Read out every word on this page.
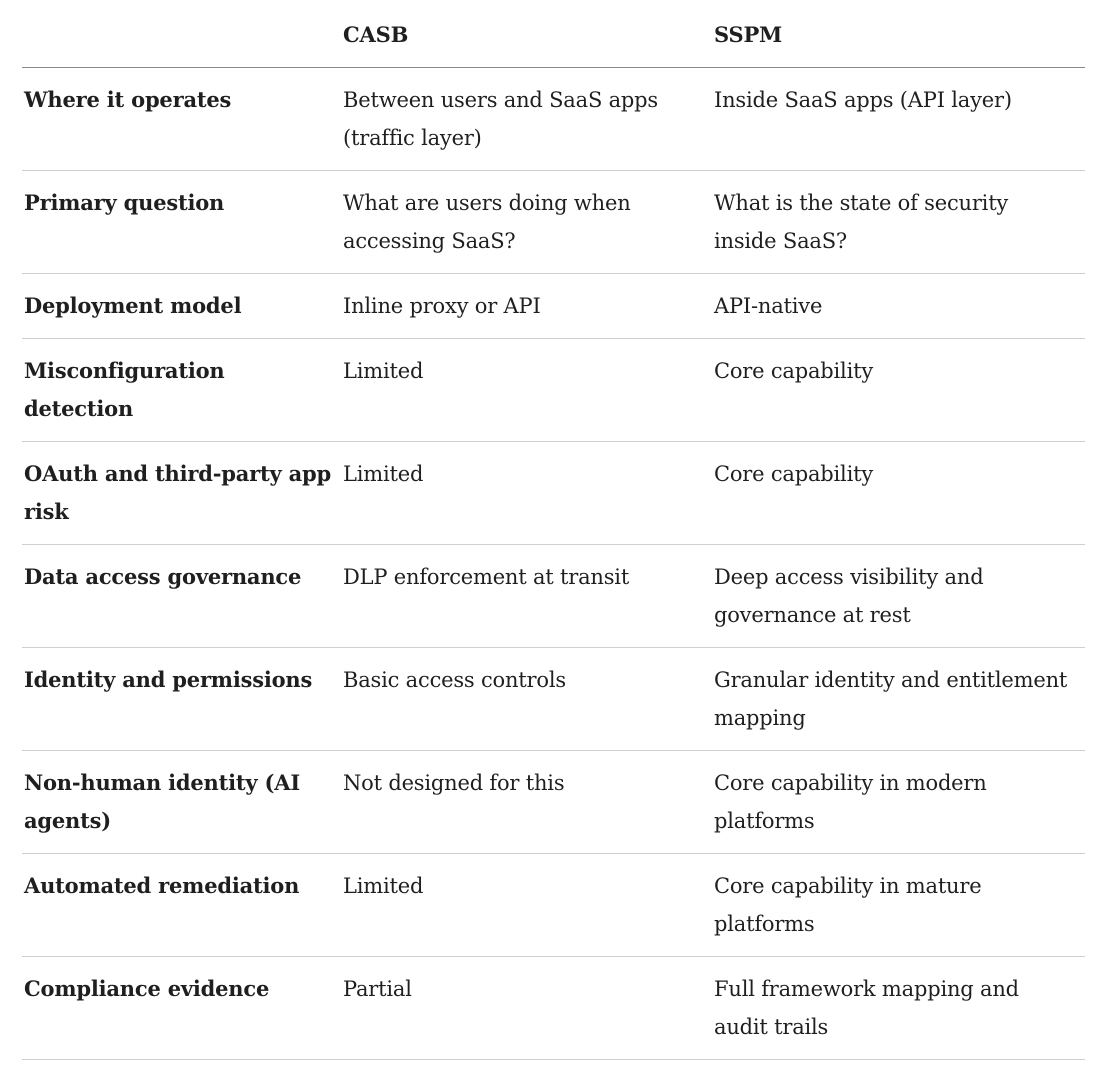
	CASB	SSPM
Where it operates	Between users and SaaS apps (traffic layer)	Inside SaaS apps (API layer)
Primary question	What are users doing when accessing SaaS?	What is the state of security inside SaaS?
Deployment model	Inline proxy or API	API-native
Misconfiguration detection	Limited	Core capability
OAuth and third-party app risk	Limited	Core capability
Data access governance	DLP enforcement at transit	Deep access visibility and governance at rest
Identity and permissions	Basic access controls	Granular identity and entitlement mapping
Non-human identity (AI agents)	Not designed for this	Core capability in modern platforms
Automated remediation	Limited	Core capability in mature platforms
Compliance evidence	Partial	Full framework mapping and audit trails
